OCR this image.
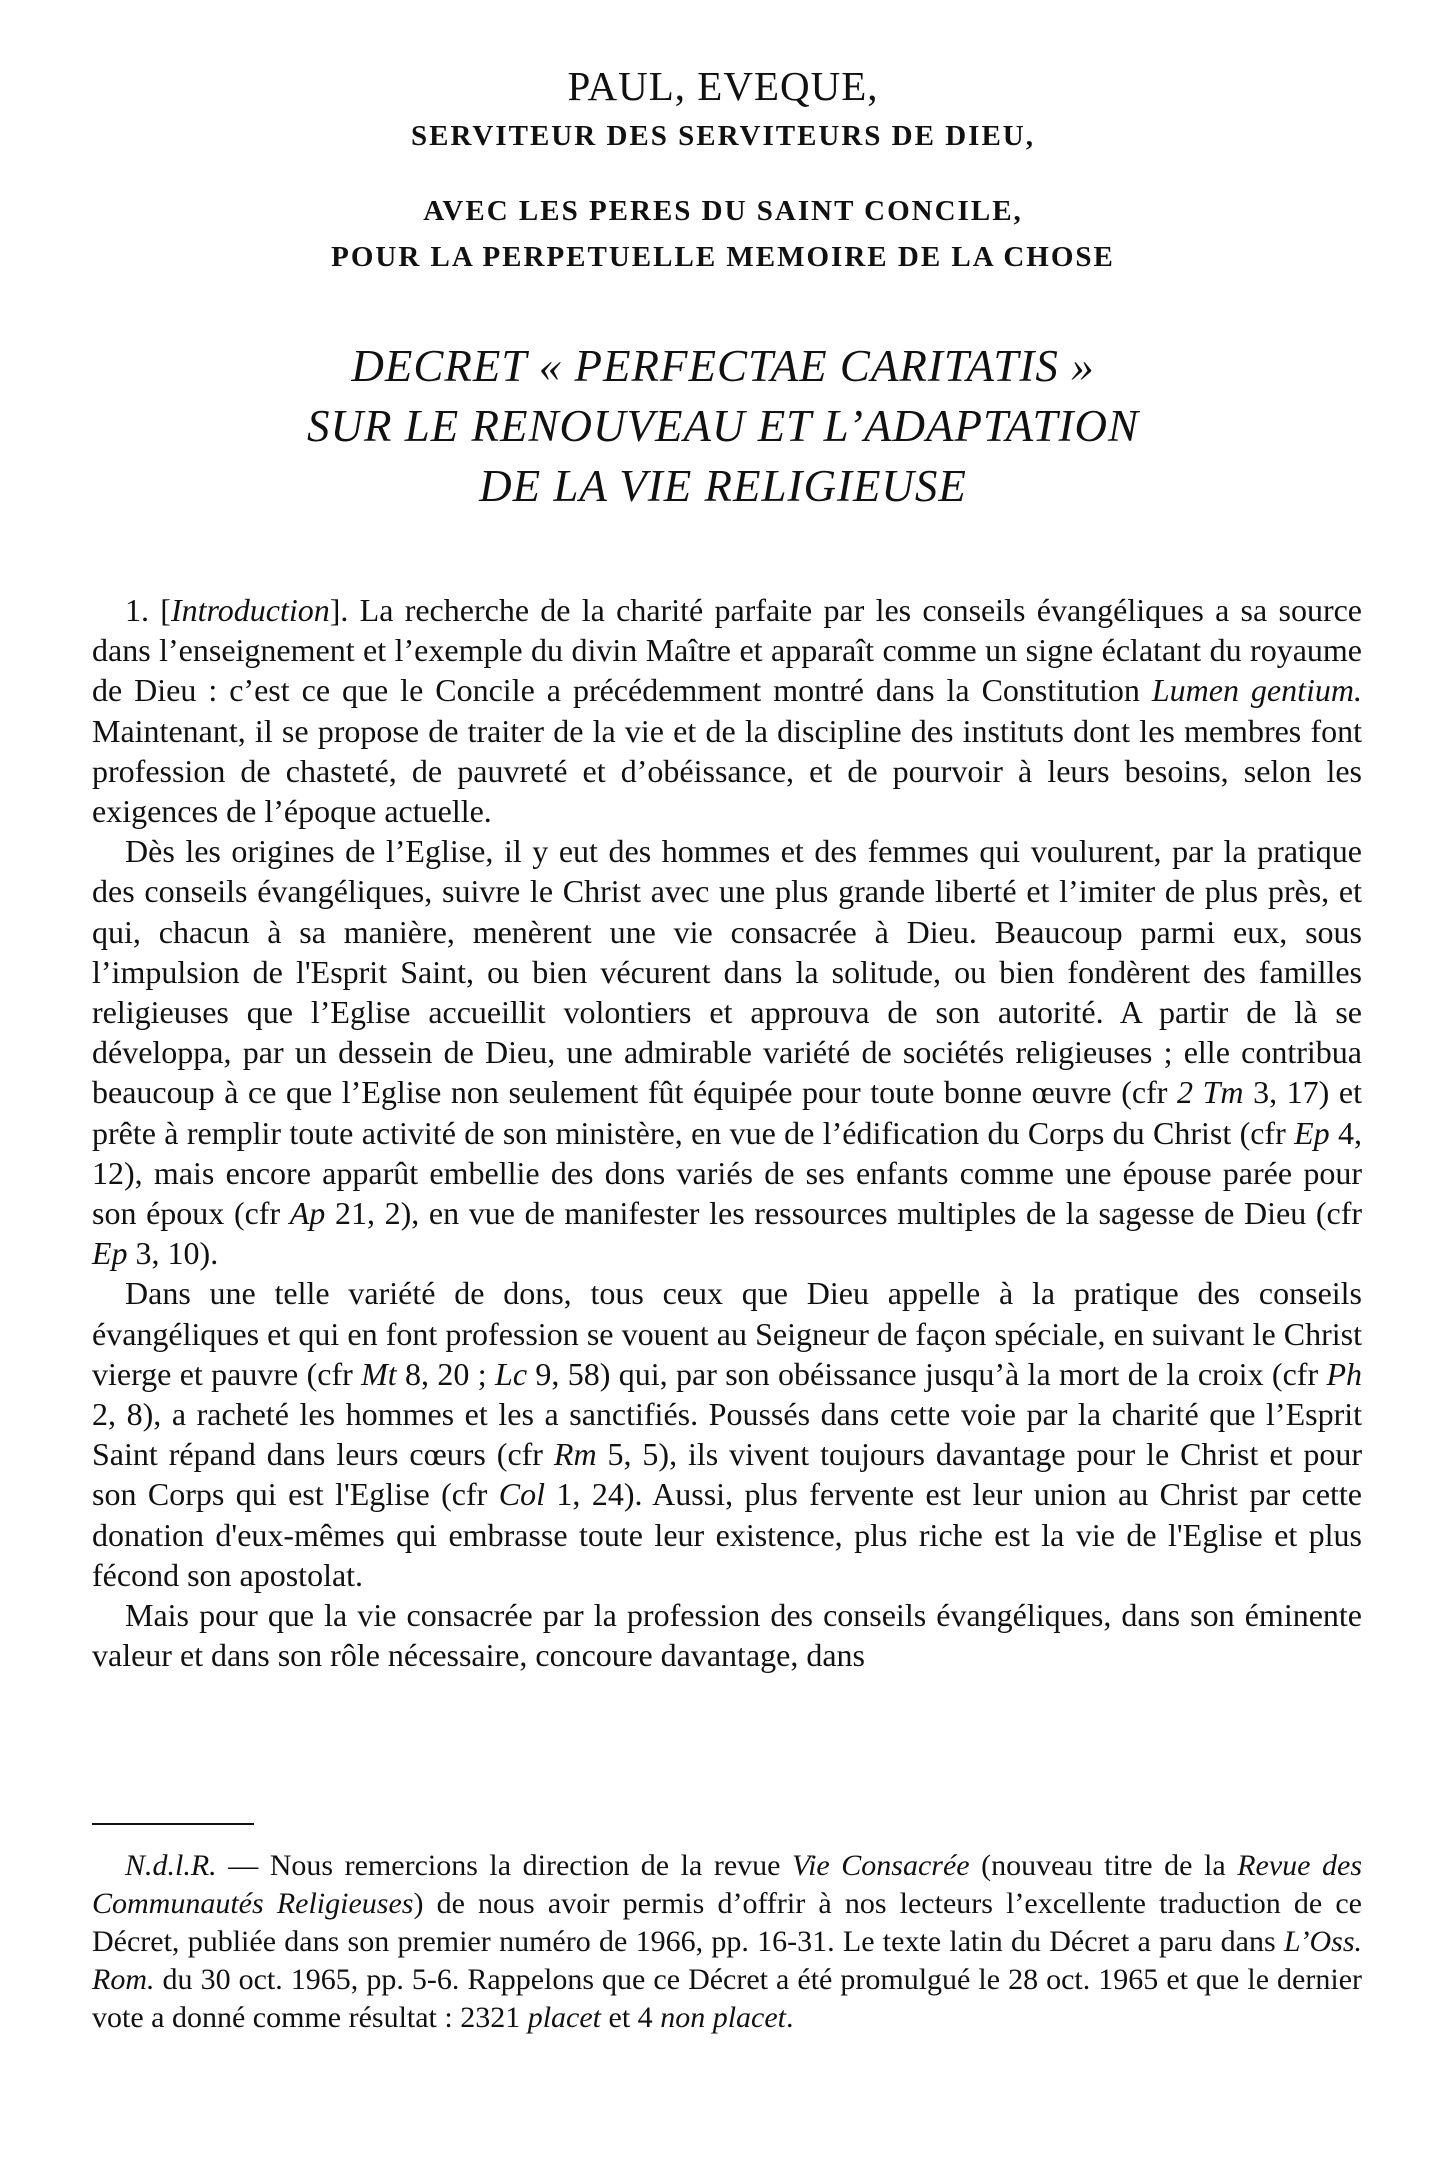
PAUL, EVEQUE,
SERVITEUR DES SERVITEURS DE DIEU,
AVEC LES PERES DU SAINT CONCILE,
POUR LA PERPETUELLE MEMOIRE DE LA CHOSE
DECRET « PERFECTAE CARITATIS »
SUR LE RENOUVEAU ET L’ADAPTATION
DE LA VIE RELIGIEUSE

1. [Introduction]. La recherche de la charité parfaite par les conseils évangéliques a sa source dans l’enseignement et l’exemple du divin Maître et apparaît comme un signe éclatant du royaume de Dieu : c’est ce que le Concile a précédemment montré dans la Constitution Lumen gentium. Maintenant, il se propose de traiter de la vie et de la discipline des instituts dont les membres font profession de chasteté, de pauvreté et d’obéissance, et de pourvoir à leurs besoins, selon les exigences de l’époque actuelle.

Dès les origines de l’Eglise, il y eut des hommes et des femmes qui voulurent, par la pratique des conseils évangéliques, suivre le Christ avec une plus grande liberté et l’imiter de plus près, et qui, chacun à sa manière, menèrent une vie consacrée à Dieu. Beaucoup parmi eux, sous l’impulsion de l'Esprit Saint, ou bien vécurent dans la solitude, ou bien fondèrent des familles religieuses que l’Eglise accueillit volontiers et approuva de son autorité. A partir de là se développa, par un dessein de Dieu, une admirable variété de sociétés religieuses ; elle contribua beaucoup à ce que l’Eglise non seulement fût équipée pour toute bonne œuvre (cfr 2 Tm 3, 17) et prête à remplir toute activité de son ministère, en vue de l’édification du Corps du Christ (cfr Ep 4, 12), mais encore apparût embellie des dons variés de ses enfants comme une épouse parée pour son époux (cfr Ap 21, 2), en vue de manifester les ressources multiples de la sagesse de Dieu (cfr Ep 3, 10).

Dans une telle variété de dons, tous ceux que Dieu appelle à la pratique des conseils évangéliques et qui en font profession se vouent au Seigneur de façon spéciale, en suivant le Christ vierge et pauvre (cfr Mt 8, 20 ; Lc 9, 58) qui, par son obéissance jusqu’à la mort de la croix (cfr Ph 2, 8), a racheté les hommes et les a sanctifiés. Poussés dans cette voie par la charité que l’Esprit Saint répand dans leurs cœurs (cfr Rm 5, 5), ils vivent toujours davantage pour le Christ et pour son Corps qui est l'Eglise (cfr Col 1, 24). Aussi, plus fervente est leur union au Christ par cette donation d'eux-mêmes qui embrasse toute leur existence, plus riche est la vie de l'Eglise et plus fécond son apostolat.

Mais pour que la vie consacrée par la profession des conseils évangéliques, dans son éminente valeur et dans son rôle nécessaire, concoure davantage, dans

N.d.l.R. — Nous remercions la direction de la revue Vie Consacrée (nouveau titre de la Revue des Communautés Religieuses) de nous avoir permis d’offrir à nos lecteurs l’excellente traduction de ce Décret, publiée dans son premier numéro de 1966, pp. 16-31. Le texte latin du Décret a paru dans L’Oss. Rom. du 30 oct. 1965, pp. 5-6. Rappelons que ce Décret a été promulgué le 28 oct. 1965 et que le dernier vote a donné comme résultat : 2321 placet et 4 non placet.
